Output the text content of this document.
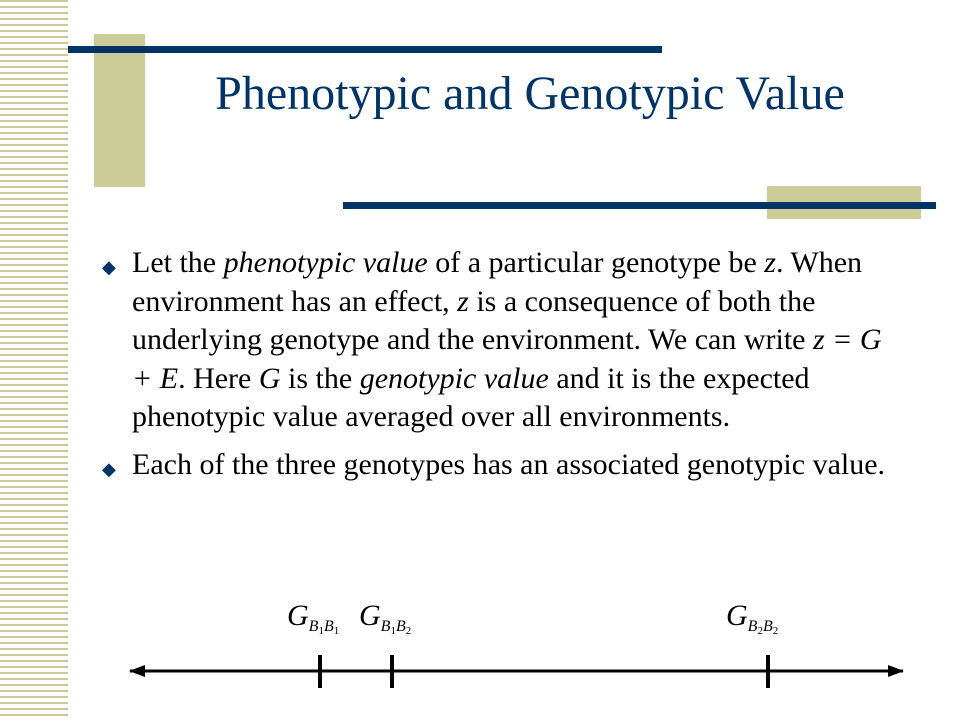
Phenotypic and Genotypic Value
◆ Let the phenotypic value of a particular genotype be z. When environment has an effect, z is a consequence of both the underlying genotype and the environment. We can write z = G + E. Here G is the genotypic value and it is the expected phenotypic value averaged over all environments.
◆ Each of the three genotypes has an associated genotypic value.
GB1B1 GB1B2	GB2B2
